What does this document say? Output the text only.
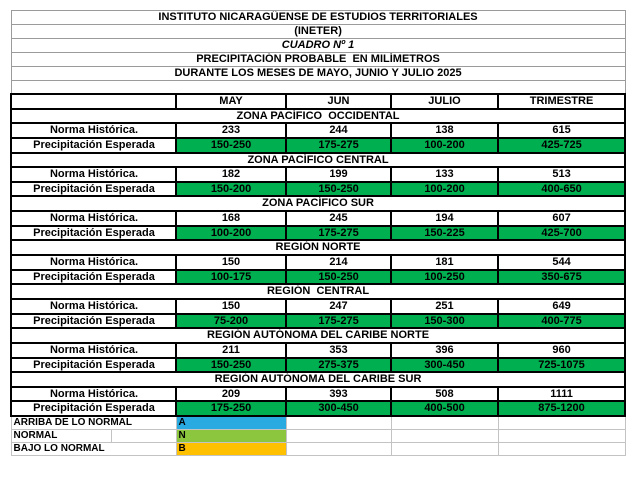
INSTITUTO NICARAGÜENSE DE ESTUDIOS TERRITORIALES					
(INETER)					
CUADRO Nº 1					
PRECIPITACIÓN PROBABLE  EN MILÍMETROS					
DURANTE LOS MESES DE MAYO, JUNIO Y JULIO 2025					

		MAY	JUN	JULIO	TRIMESTRE
ZONA PACÍFICO  OCCIDENTAL					
Norma Histórica.		233	244	138	615
Precipitación Esperada		150-250	175-275	100-200	425-725
ZONA PACÍFICO CENTRAL					
Norma Histórica.		182	199	133	513
Precipitación Esperada		150-200	150-250	100-200	400-650
ZONA PACÍFICO SUR					
Norma Histórica.		168	245	194	607
Precipitación Esperada		100-200	175-275	150-225	425-700
REGIÓN NORTE					
Norma Histórica.		150	214	181	544
Precipitación Esperada		100-175	150-250	100-250	350-675
REGIÓN  CENTRAL					
Norma Histórica.		150	247	251	649
Precipitación Esperada		75-200	175-275	150-300	400-775
REGIÓN AUTÓNOMA DEL CARIBE NORTE					
Norma Histórica.		211	353	396	960
Precipitación Esperada		150-250	275-375	300-450	725-1075
REGIÓN AUTÓNOMA DEL CARIBE SUR					
Norma Histórica.		209	393	508	1111
Precipitación Esperada		175-250	300-450	400-500	875-1200
ARRIBA DE LO NORMAL		A			
NORMAL		N			
BAJO LO NORMAL		B			
